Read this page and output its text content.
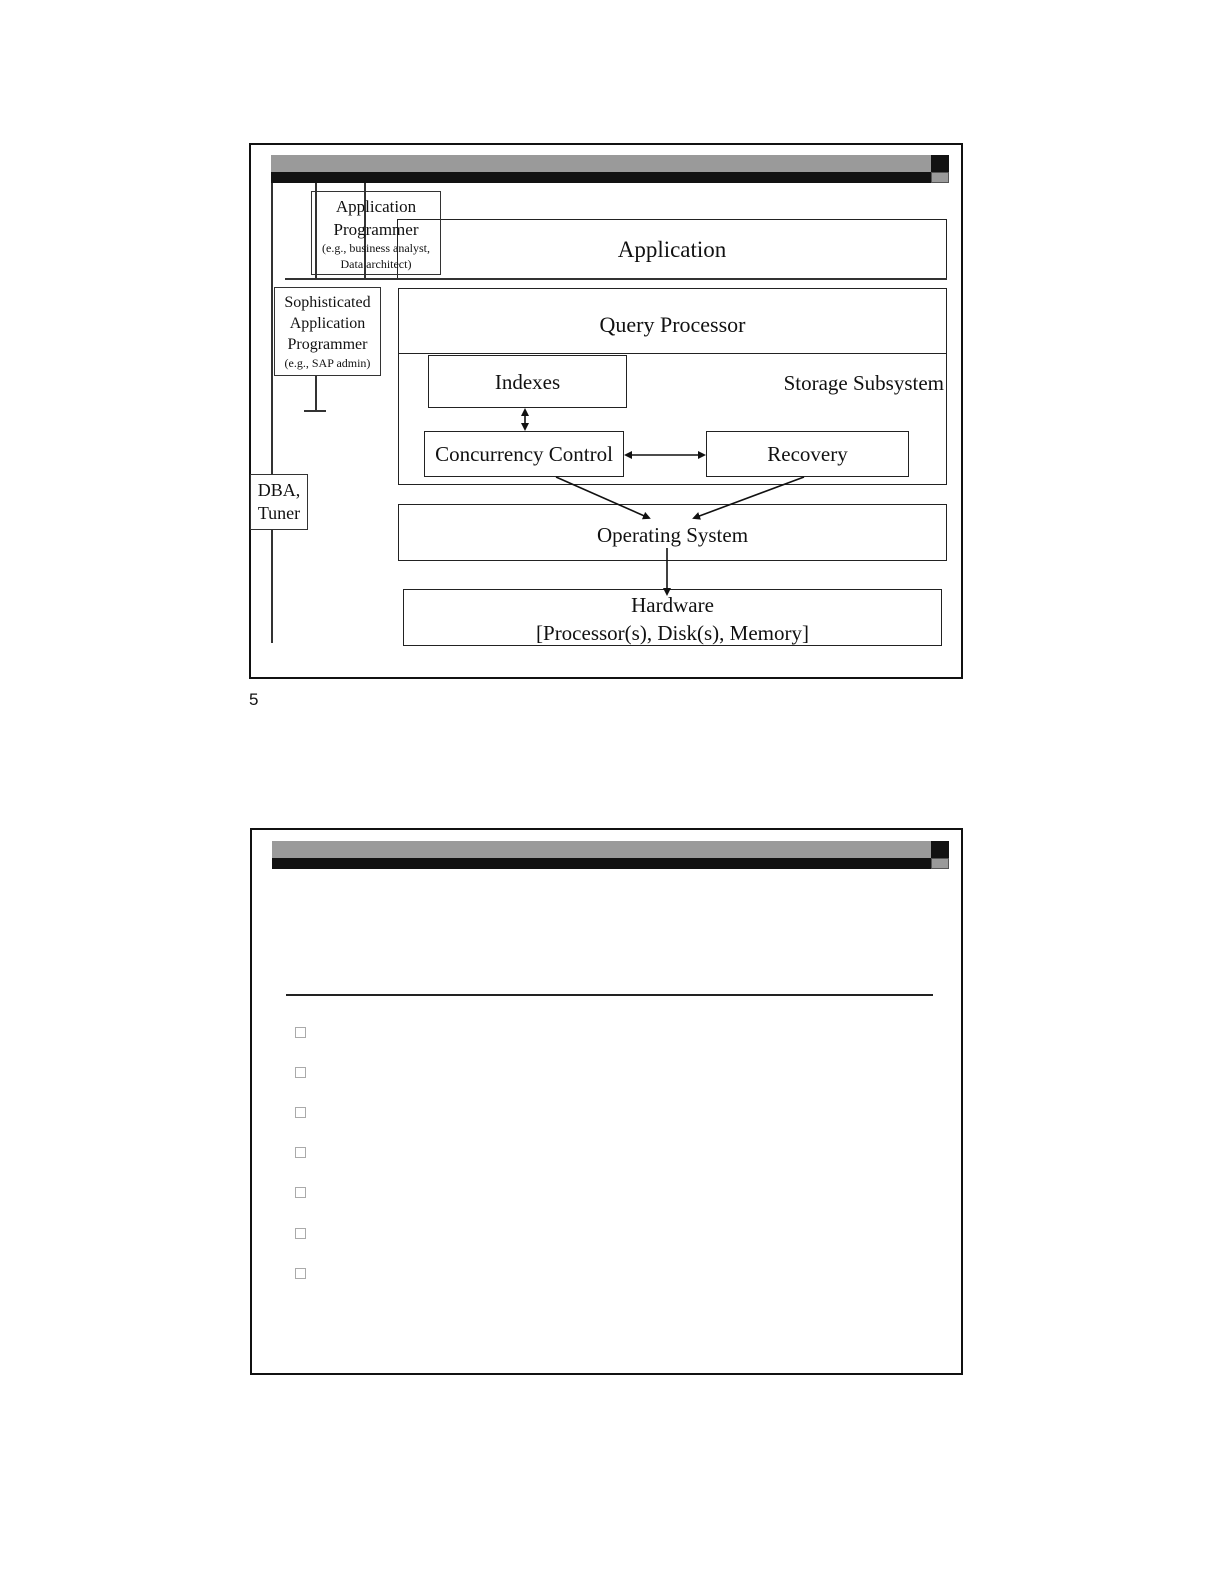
Application
Application
Programmer
(e.g., business analyst,
Data architect)
Query Processor
Storage Subsystem
Sophisticated
Application
Programmer
(e.g., SAP admin)
Indexes
Concurrency Control	Recovery
DBA,
Tuner
Operating System
Hardware
[Processor(s), Disk(s), Memory]
5
